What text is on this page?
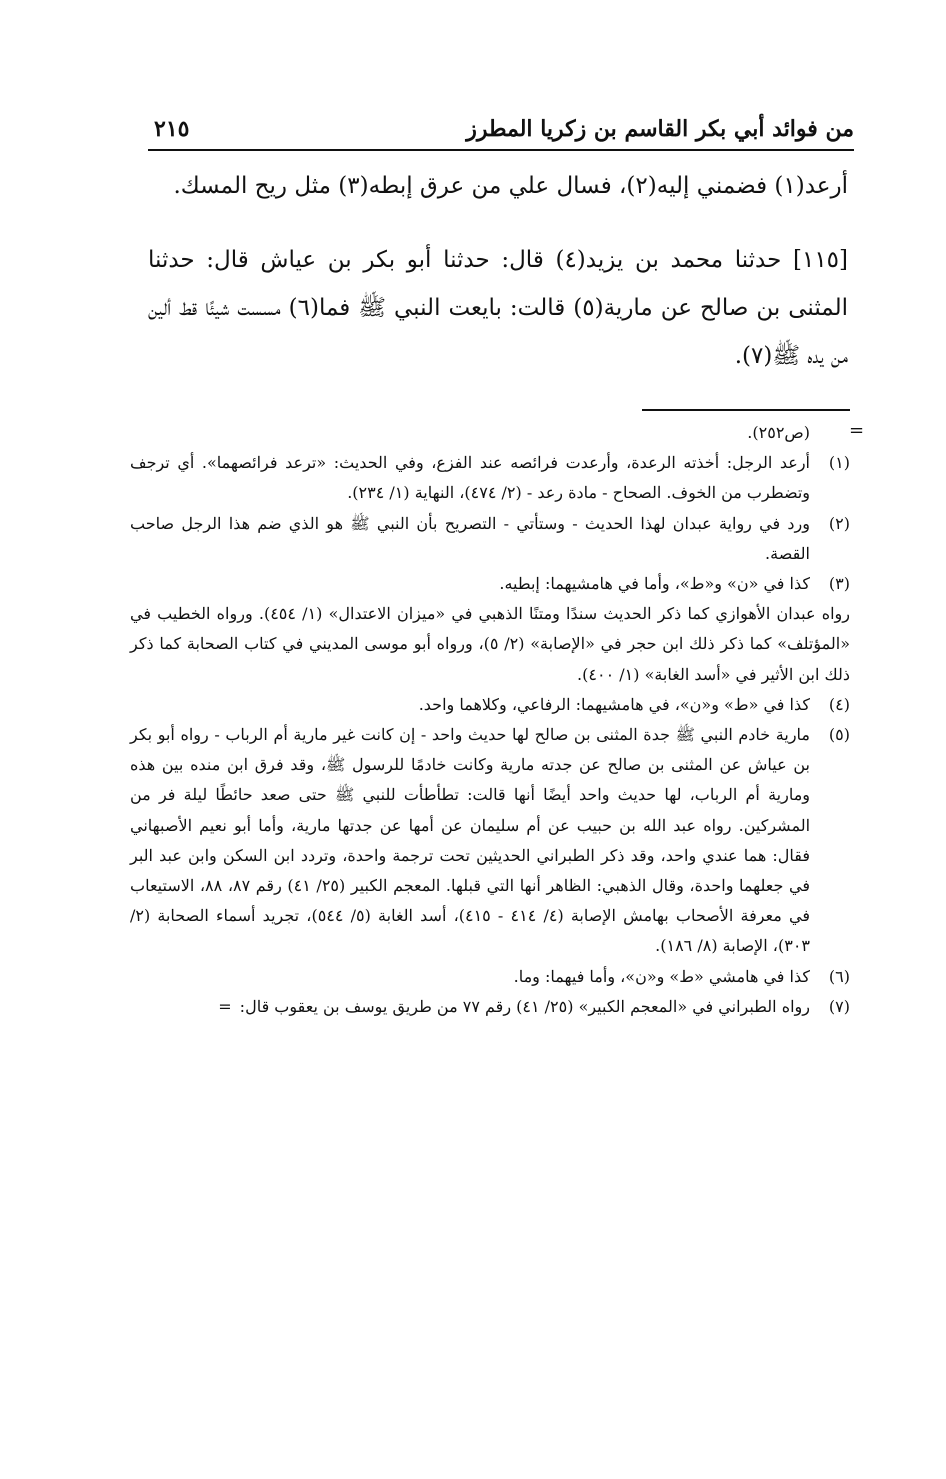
من فوائد أبي بكر القاسم بن زكريا المطرز
٢١٥

أرعد(١) فضمني إليه(٢)، فسال علي من عرق إبطه(٣) مثل ريح المسك.

[١١٥] حدثنا محمد بن يزيد(٤) قال: حدثنا أبو بكر بن عياش قال: حدثنا المثنى بن صالح عن مارية(٥) قالت: بايعت النبي ﷺ فما(٦) مسست شيئًا قط ألين من يده ﷺ(٧).

=
(ص٢٥٢).
(١)
أرعد الرجل: أخذته الرعدة، وأرعدت فرائصه عند الفزع، وفي الحديث: «ترعد فرائصهما». أي ترجف وتضطرب من الخوف. الصحاح - مادة رعد - (٢/ ٤٧٤)، النهاية (١/ ٢٣٤).
(٢)
ورد في رواية عبدان لهذا الحديث - وستأتي - التصريح بأن النبي ﷺ هو الذي ضم هذا الرجل صاحب القصة.
(٣)
كذا في «ن» و«ط»، وأما في هامشيهما: إبطيه.
رواه عبدان الأهوازي كما ذكر الحديث سندًا ومتنًا الذهبي في «ميزان الاعتدال» (١/ ٤٥٤). ورواه الخطيب في «المؤتلف» كما ذكر ذلك ابن حجر في «الإصابة» (٢/ ٥)، ورواه أبو موسى المديني في كتاب الصحابة كما ذكر ذلك ابن الأثير في «أسد الغابة» (١/ ٤٠٠).
(٤)
كذا في «ط» و«ن»، في هامشيهما: الرفاعي، وكلاهما واحد.
(٥)
مارية خادم النبي ﷺ جدة المثنى بن صالح لها حديث واحد - إن كانت غير مارية أم الرباب - رواه أبو بكر بن عياش عن المثنى بن صالح عن جدته مارية وكانت خادمًا للرسول ﷺ، وقد فرق ابن منده بين هذه ومارية أم الرباب، لها حديث واحد أيضًا أنها قالت: تطأطأت للنبي ﷺ حتى صعد حائطًا ليلة فر من المشركين. رواه عبد الله بن حبيب عن أم سليمان عن أمها عن جدتها مارية، وأما أبو نعيم الأصبهاني فقال: هما عندي واحد، وقد ذكر الطبراني الحديثين تحت ترجمة واحدة، وتردد ابن السكن وابن عبد البر في جعلهما واحدة، وقال الذهبي: الظاهر أنها التي قبلها. المعجم الكبير (٢٥/ ٤١) رقم ٨٧، ٨٨، الاستيعاب في معرفة الأصحاب بهامش الإصابة (٤/ ٤١٤ - ٤١٥)، أسد الغابة (٥/ ٥٤٤)، تجريد أسماء الصحابة (٢/ ٣٠٣)، الإصابة (٨/ ١٨٦).
(٦)
كذا في هامشي «ط» و«ن»، وأما فيهما: وما.
(٧)
رواه الطبراني في «المعجم الكبير» (٢٥/ ٤١) رقم ٧٧ من طريق يوسف بن يعقوب قال:=
